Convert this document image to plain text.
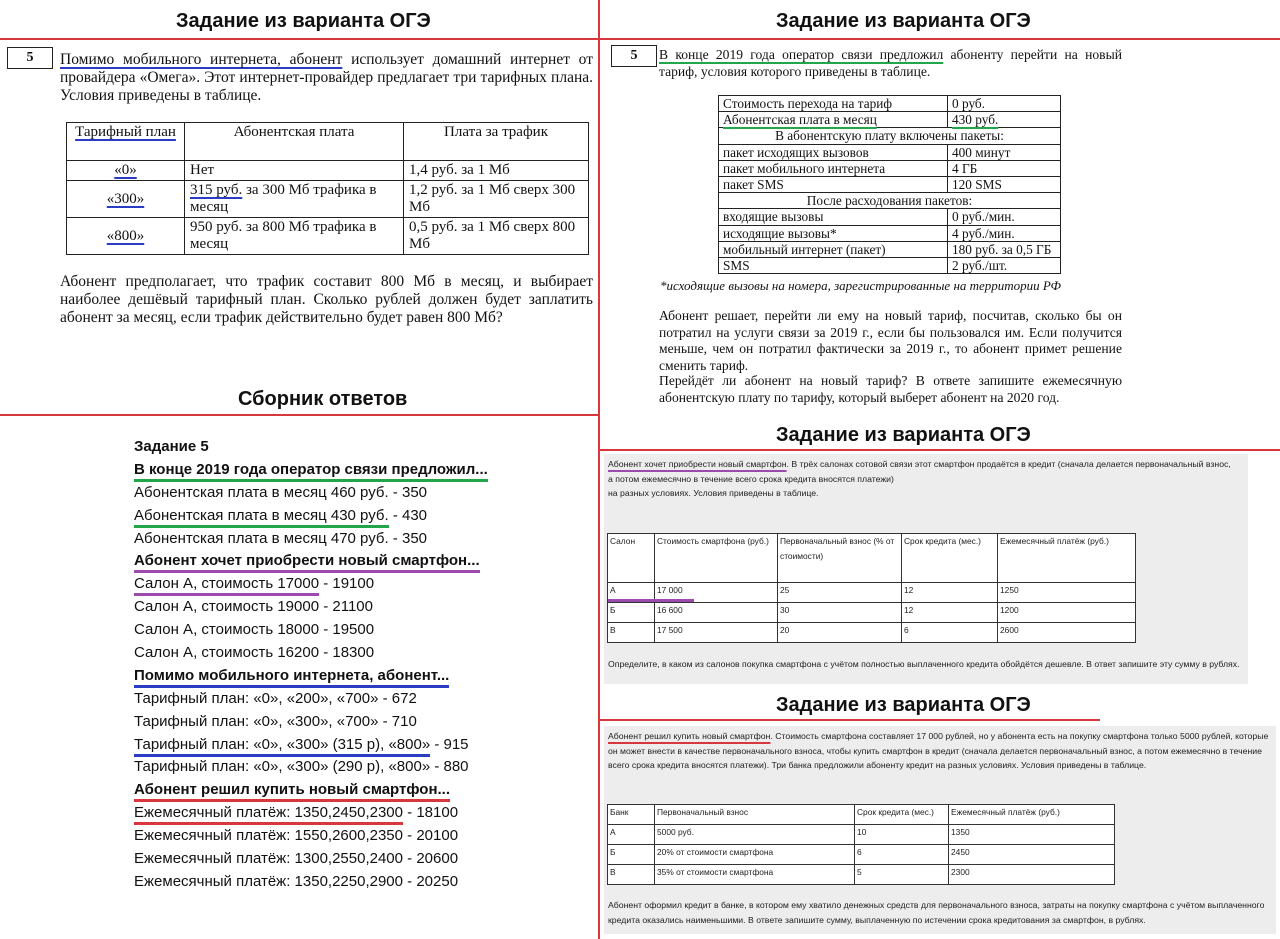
Задание из варианта ОГЭ	Задание из варианта ОГЭ
Сборник ответов
Задание из варианта ОГЭ
Задание из варианта ОГЭ
5	Помимо мобильного интернета, абонент использует домашний интернет от провайдера «Омега». Этот интернет-провайдер предлагает три тарифных плана. Условия приведены в таблице.
Тарифный план	Абонентская плата	Плата за трафик
«0»	Нет	1,4 руб. за 1 Мб
«300»	315 руб. за 300 Мб трафика в месяц	1,2 руб. за 1 Мб сверх 300 Мб
«800»	950 руб. за 800 Мб трафика в месяц	0,5 руб. за 1 Мб сверх 800 Мб
Абонент предполагает, что трафик составит 800 Мб в месяц, и выбирает наиболее дешёвый тарифный план. Сколько рублей должен будет заплатить абонент за месяц, если трафик действительно будет равен 800 Мб?
5	В конце 2019 года оператор связи предложил абоненту перейти на новый тариф, условия которого приведены в таблице.
Стоимость перехода на тариф	0 руб.
Абонентская плата в месяц	430 руб.
В абонентскую плату включены пакеты:	
пакет исходящих вызовов	400 минут
пакет мобильного интернета	4 ГБ
пакет SMS	120 SMS
После расходования пакетов:	
входящие вызовы	0 руб./мин.
исходящие вызовы*	4 руб./мин.
мобильный интернет (пакет)	180 руб. за 0,5 ГБ
SMS	2 руб./шт.
*исходящие вызовы на номера, зарегистрированные на территории РФ
Абонент решает, перейти ли ему на новый тариф, посчитав, сколько бы он потратил на услуги связи за 2019 г., если бы пользовался им. Если получится меньше, чем он потратил фактически за 2019 г., то абонент примет решение сменить тариф.
Перейдёт ли абонент на новый тариф? В ответе запишите ежемесячную абонентскую плату по тарифу, который выберет абонент на 2020 год.
Задание 5
В конце 2019 года оператор связи предложил...
Абонентская плата в месяц 460 руб. - 350
Абонентская плата в месяц 430 руб. - 430
Абонентская плата в месяц 470 руб. - 350
Абонент хочет приобрести новый смартфон...
Салон А, стоимость 17000 - 19100
Салон А, стоимость 19000 - 21100
Салон А, стоимость 18000 - 19500
Салон А, стоимость 16200 - 18300
Помимо мобильного интернета, абонент...
Тарифный план: «0», «200», «700» - 672
Тарифный план: «0», «300», «700» - 710
Тарифный план: «0», «300» (315 р), «800» - 915
Тарифный план: «0», «300» (290 р), «800» - 880
Абонент решил купить новый смартфон...
Ежемесячный платёж: 1350,2450,2300 - 18100
Ежемесячный платёж: 1550,2600,2350 - 20100
Ежемесячный платёж: 1300,2550,2400 - 20600
Ежемесячный платёж: 1350,2250,2900 - 20250

Абонент хочет приобрести новый смартфон. В трёх салонах сотовой связи этот смартфон продаётся в кредит (сначала делается первоначальный взнос,

а потом ежемесячно в течение всего срока кредита вносятся платежи)

на разных условиях. Условия приведены в таблице.

Салон	Стоимость смартфона (руб.)	Первоначальный взнос (% от стоимости)	Срок кредита (мес.)	Ежемесячный платёж (руб.)
А	17 000	25	12	1250
Б	16 600	30	12	1200
В	17 500	20	6	2600

Определите, в каком из салонов покупка смартфона с учётом полностью выплаченного кредита обойдётся дешевле. В ответ запишите эту сумму в рублях.

Абонент решил купить новый смартфон. Стоимость смартфона составляет 17 000 рублей, но у абонента есть на покупку смартфона только 5000 рублей, которые он может внести в качестве первоначального взноса, чтобы купить смартфон в кредит (сначала делается первоначальный взнос, а потом ежемесячно в течение всего срока кредита вносятся платежи). Три банка предложили абоненту кредит на разных условиях. Условия приведены в таблице.

Банк	Первоначальный взнос	Срок кредита (мес.)	Ежемесячный платёж (руб.)
А	5000 руб.	10	1350
Б	20% от стоимости смартфона	6	2450
В	35% от стоимости смартфона	5	2300

Абонент оформил кредит в банке, в котором ему хватило денежных средств для первоначального взноса, затраты на покупку смартфона с учётом выплаченного кредита оказались наименьшими. В ответе запишите сумму, выплаченную по истечении срока кредитования за смартфон, в рублях.
